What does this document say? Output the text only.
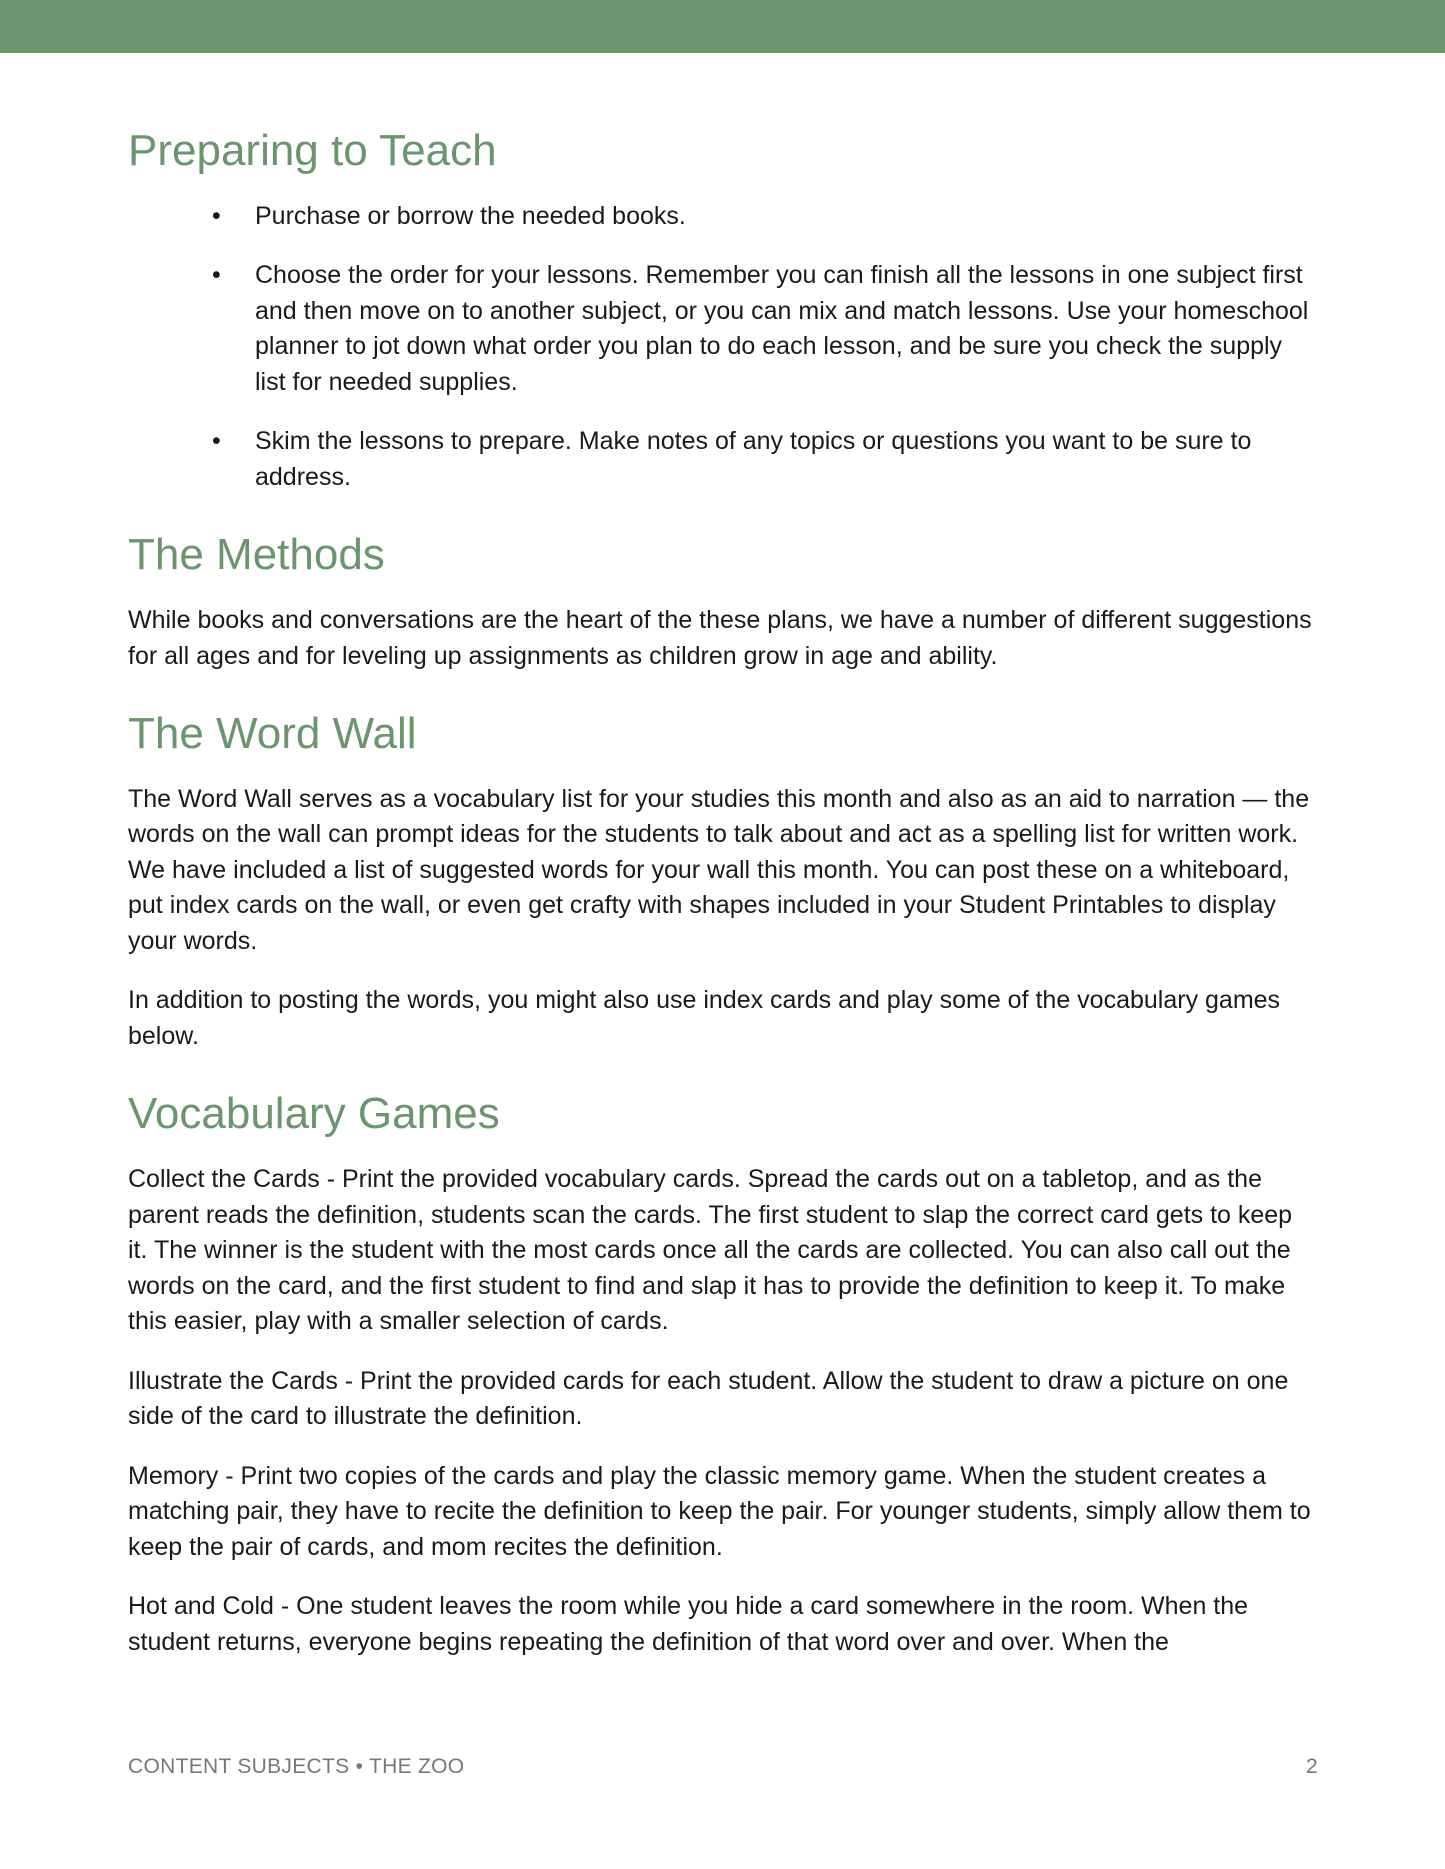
Preparing to Teach
• Purchase or borrow the needed books.
• Choose the order for your lessons. Remember you can finish all the lessons in one subject first and then move on to another subject, or you can mix and match lessons. Use your homeschool planner to jot down what order you plan to do each lesson, and be sure you check the supply list for needed supplies.
• Skim the lessons to prepare. Make notes of any topics or questions you want to be sure to address.
The Methods

While books and conversations are the heart of the these plans, we have a number of different suggestions for all ages and for leveling up assignments as children grow in age and ability.

The Word Wall

The Word Wall serves as a vocabulary list for your studies this month and also as an aid to narration — the words on the wall can prompt ideas for the students to talk about and act as a spelling list for written work. We have included a list of suggested words for your wall this month. You can post these on a whiteboard, put index cards on the wall, or even get crafty with shapes included in your Student Printables to display your words.

In addition to posting the words, you might also use index cards and play some of the vocabulary games below.

Vocabulary Games

Collect the Cards - Print the provided vocabulary cards. Spread the cards out on a tabletop, and as the parent reads the definition, students scan the cards. The first student to slap the correct card gets to keep it. The winner is the student with the most cards once all the cards are collected. You can also call out the words on the card, and the first student to find and slap it has to provide the definition to keep it. To make this easier, play with a smaller selection of cards.

Illustrate the Cards - Print the provided cards for each student. Allow the student to draw a picture on one side of the card to illustrate the definition.

Memory - Print two copies of the cards and play the classic memory game. When the student creates a matching pair, they have to recite the definition to keep the pair. For younger students, simply allow them to keep the pair of cards, and mom recites the definition.

Hot and Cold - One student leaves the room while you hide a card somewhere in the room. When the student returns, everyone begins repeating the definition of that word over and over. When the

CONTENT SUBJECTS • THE ZOO	2
